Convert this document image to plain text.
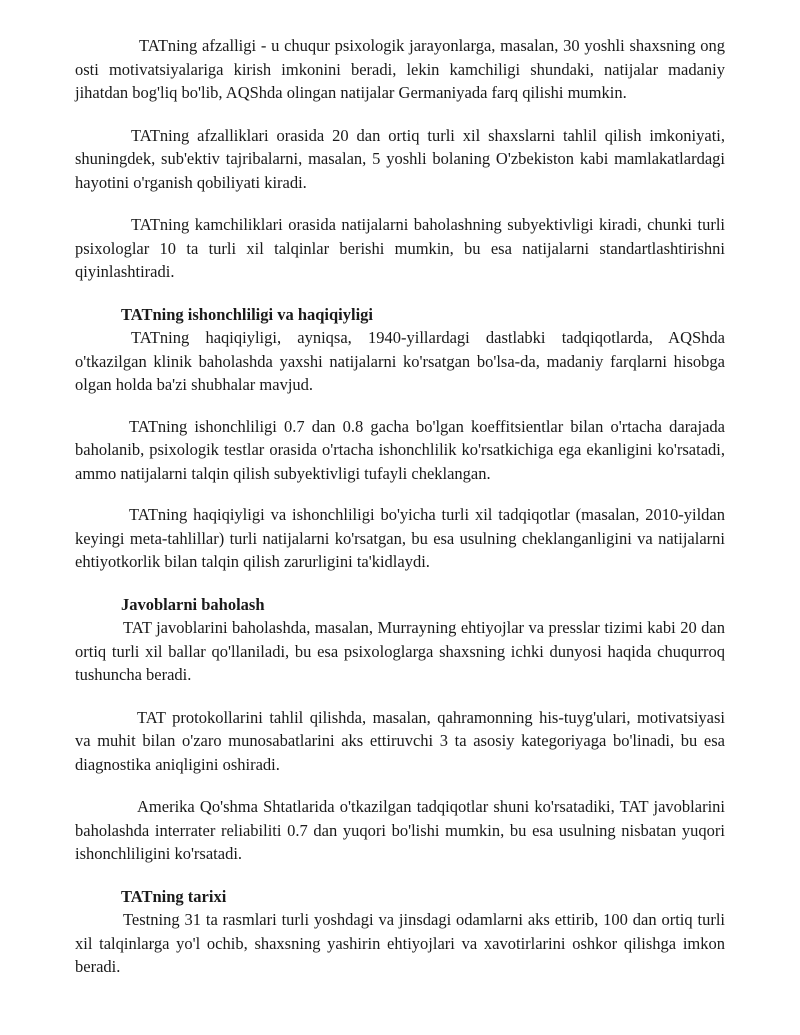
TATning afzalligi - u chuqur psixologik jarayonlarga, masalan, 30 yoshli shaxsning ong osti motivatsiyalariga kirish imkonini beradi, lekin kamchiligi shundaki, natijalar madaniy jihatdan bog'liq bo'lib, AQShda olingan natijalar Germaniyada farq qilishi mumkin.

TATning afzalliklari orasida 20 dan ortiq turli xil shaxslarni tahlil qilish imkoniyati, shuningdek, sub'ektiv tajribalarni, masalan, 5 yoshli bolaning O'zbekiston kabi mamlakatlardagi hayotini o'rganish qobiliyati kiradi.

TATning kamchiliklari orasida natijalarni baholashning subyektivligi kiradi, chunki turli psixologlar 10 ta turli xil talqinlar berishi mumkin, bu esa natijalarni standartlashtirishni qiyinlashtiradi.

TATning ishonchliligi va haqiqiyligi

TATning haqiqiyligi, ayniqsa, 1940-yillardagi dastlabki tadqiqotlarda, AQShda o'tkazilgan klinik baholashda yaxshi natijalarni ko'rsatgan bo'lsa-da, madaniy farqlarni hisobga olgan holda ba'zi shubhalar mavjud.

TATning ishonchliligi 0.7 dan 0.8 gacha bo'lgan koeffitsientlar bilan o'rtacha darajada baholanib, psixologik testlar orasida o'rtacha ishonchlilik ko'rsatkichiga ega ekanligini ko'rsatadi, ammo natijalarni talqin qilish subyektivligi tufayli cheklangan.

TATning haqiqiyligi va ishonchliligi bo'yicha turli xil tadqiqotlar (masalan, 2010-yildan keyingi meta-tahlillar) turli natijalarni ko'rsatgan, bu esa usulning cheklanganligini va natijalarni ehtiyotkorlik bilan talqin qilish zarurligini ta'kidlaydi.

Javoblarni baholash

TAT javoblarini baholashda, masalan, Murrayning ehtiyojlar va presslar tizimi kabi 20 dan ortiq turli xil ballar qo'llaniladi, bu esa psixologlarga shaxsning ichki dunyosi haqida chuqurroq tushuncha beradi.

TAT protokollarini tahlil qilishda, masalan, qahramonning his-tuyg'ulari, motivatsiyasi va muhit bilan o'zaro munosabatlarini aks ettiruvchi 3 ta asosiy kategoriyaga bo'linadi, bu esa diagnostika aniqligini oshiradi.

Amerika Qo'shma Shtatlarida o'tkazilgan tadqiqotlar shuni ko'rsatadiki, TAT javoblarini baholashda interrater reliabiliti 0.7 dan yuqori bo'lishi mumkin, bu esa usulning nisbatan yuqori ishonchliligini ko'rsatadi.

TATning tarixi

Testning 31 ta rasmlari turli yoshdagi va jinsdagi odamlarni aks ettirib, 100 dan ortiq turli xil talqinlarga yo'l ochib, shaxsning yashirin ehtiyojlari va xavotirlarini oshkor qilishga imkon beradi.
